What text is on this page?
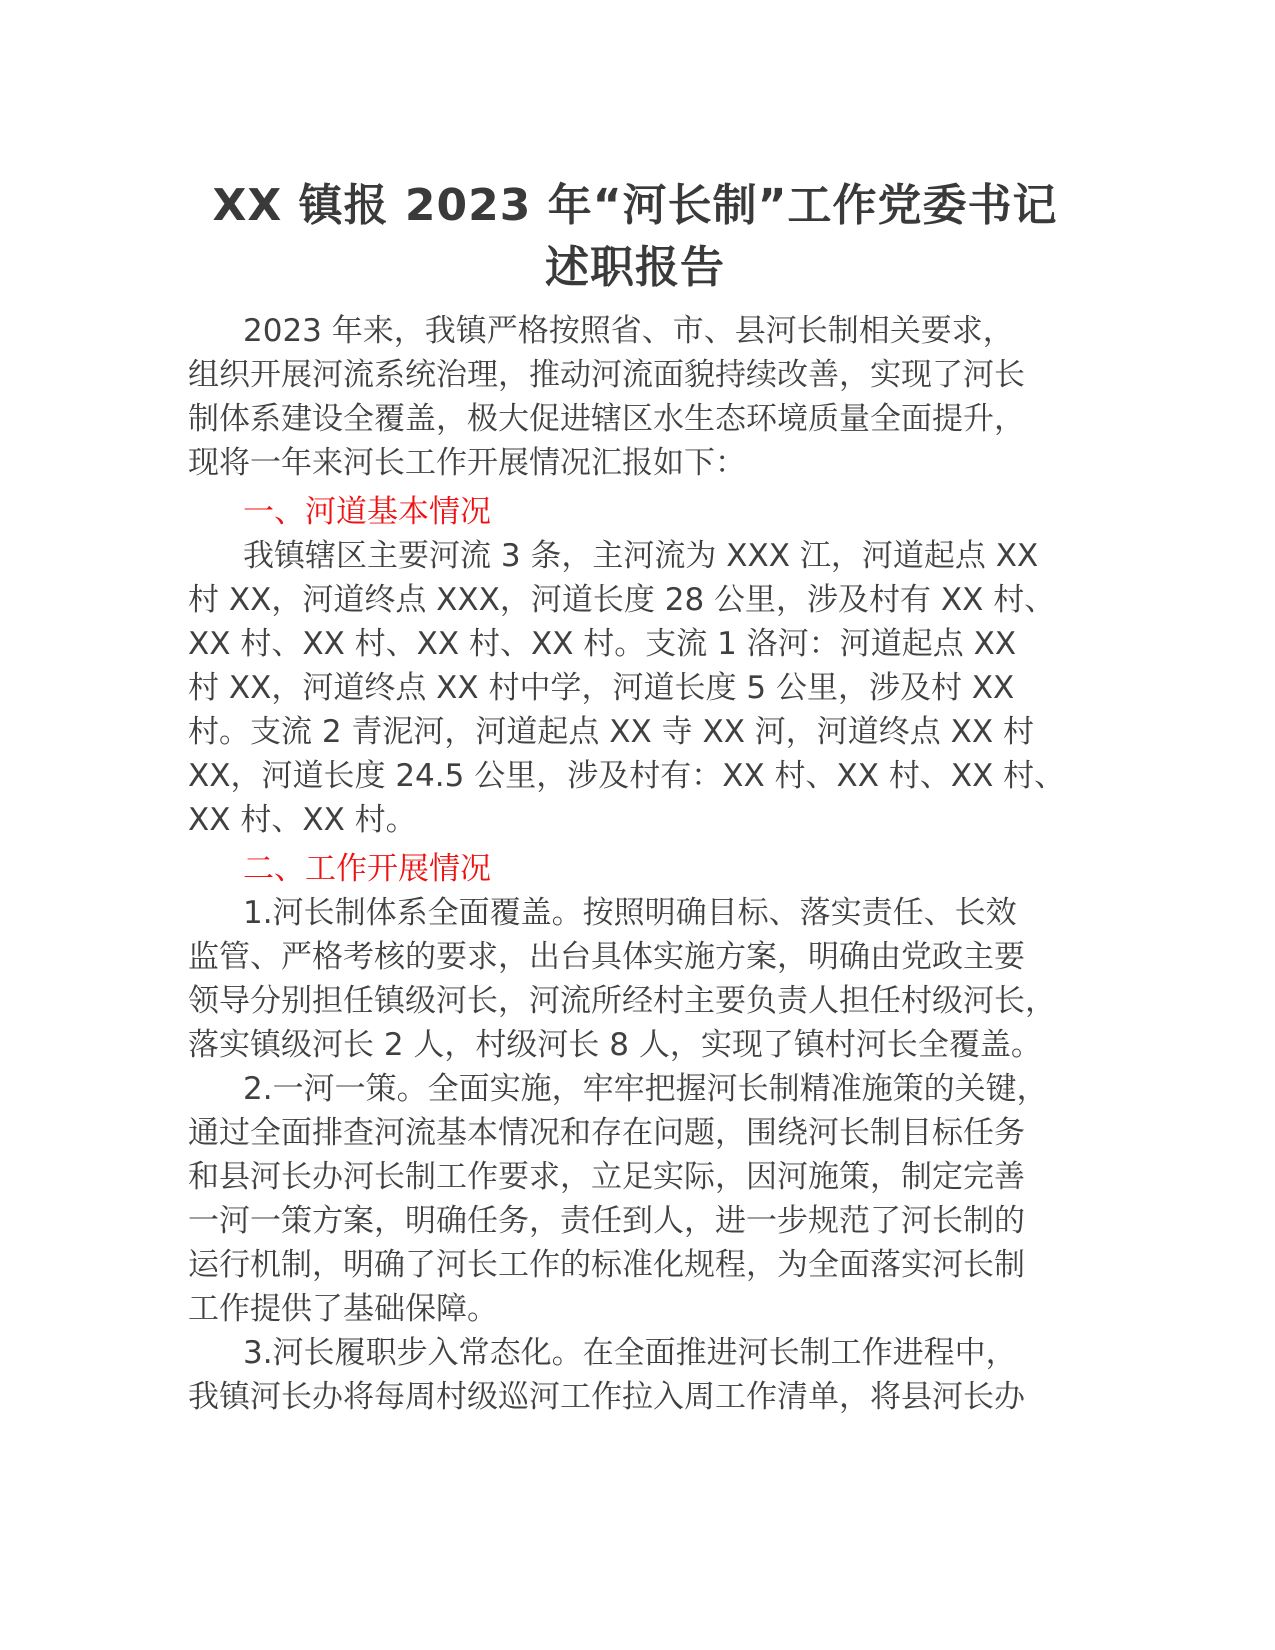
XX 镇报 2023 年“河长制”工作党委书记
述职报告
2023 年来，我镇严格按照省、市、县河长制相关要求，
组织开展河流系统治理，推动河流面貌持续改善，实现了河长
制体系建设全覆盖，极大促进辖区水生态环境质量全面提升，
现将一年来河长工作开展情况汇报如下：
一、河道基本情况
我镇辖区主要河流 3 条，主河流为 XXX 江，河道起点 XX
村 XX，河道终点 XXX，河道长度 28 公里，涉及村有 XX 村、
XX 村、XX 村、XX 村、XX 村。支流 1 洛河：河道起点 XX
村 XX，河道终点 XX 村中学，河道长度 5 公里，涉及村 XX
村。支流 2 青泥河，河道起点 XX 寺 XX 河，河道终点 XX 村
XX，河道长度 24.5 公里，涉及村有：XX 村、XX 村、XX 村、
XX 村、XX 村。
二、工作开展情况
1.河长制体系全面覆盖。按照明确目标、落实责任、长效
监管、严格考核的要求，出台具体实施方案，明确由党政主要
领导分别担任镇级河长，河流所经村主要负责人担任村级河长，
落实镇级河长 2 人，村级河长 8 人，实现了镇村河长全覆盖。
2.一河一策。全面实施，牢牢把握河长制精准施策的关键，
通过全面排查河流基本情况和存在问题，围绕河长制目标任务
和县河长办河长制工作要求，立足实际，因河施策，制定完善
一河一策方案，明确任务，责任到人，进一步规范了河长制的
运行机制，明确了河长工作的标准化规程，为全面落实河长制
工作提供了基础保障。
3.河长履职步入常态化。在全面推进河长制工作进程中，
我镇河长办将每周村级巡河工作拉入周工作清单，将县河长办
